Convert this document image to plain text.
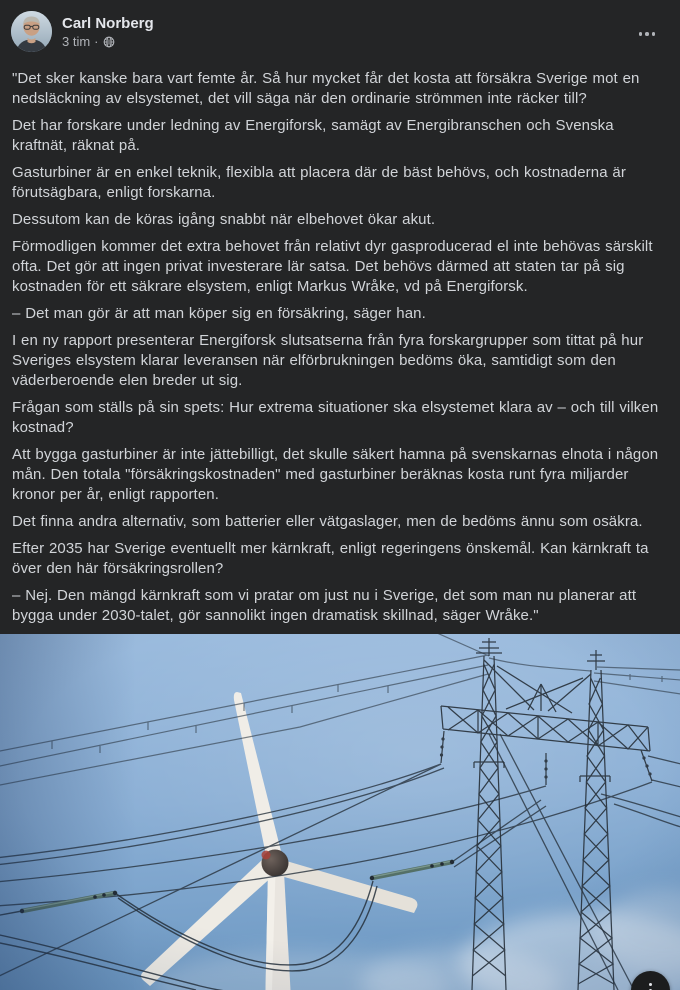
Carl Norberg
3 tim ·

"Det sker kanske bara vart femte år. Så hur mycket får det kosta att försäkra Sverige mot en nedsläckning av elsystemet, det vill säga när den ordinarie strömmen inte räcker till?

Det har forskare under ledning av Energiforsk, samägt av Energibranschen och Svenska kraftnät, räknat på.

Gasturbiner är en enkel teknik, flexibla att placera där de bäst behövs, och kostnaderna är förutsägbara, enligt forskarna.

Dessutom kan de köras igång snabbt när elbehovet ökar akut.

Förmodligen kommer det extra behovet från relativt dyr gasproducerad el inte behövas särskilt ofta. Det gör att ingen privat investerare lär satsa. Det behövs därmed att staten tar på sig kostnaden för ett säkrare elsystem, enligt Markus Wråke, vd på Energiforsk.

– Det man gör är att man köper sig en försäkring, säger han.

I en ny rapport presenterar Energiforsk slutsatserna från fyra forskargrupper som tittat på hur Sveriges elsystem klarar leveransen när elförbrukningen bedöms öka, samtidigt som den väderberoende elen breder ut sig.

Frågan som ställs på sin spets: Hur extrema situationer ska elsystemet klara av – och till vilken kostnad?

Att bygga gasturbiner är inte jättebilligt, det skulle säkert hamna på svenskarnas elnota i någon mån. Den totala "försäkringskostnaden" med gasturbiner beräknas kosta runt fyra miljarder kronor per år, enligt rapporten.

Det finna andra alternativ, som batterier eller vätgaslager, men de bedöms ännu som osäkra.

Efter 2035 har Sverige eventuellt mer kärnkraft, enligt regeringens önskemål. Kan kärnkraft ta över den här försäkringsrollen?

– Nej. Den mängd kärnkraft som vi pratar om just nu i Sverige, det som man nu planerar att bygga under 2030-talet, gör sannolikt ingen dramatisk skillnad, säger Wråke."
